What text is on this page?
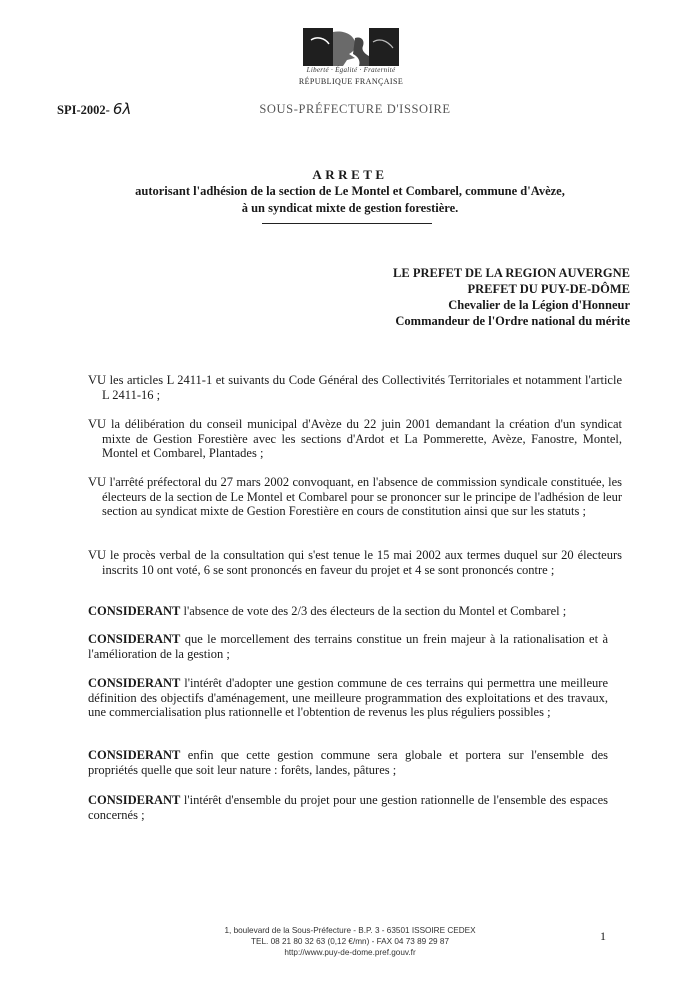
Liberté · Égalité · Fraternité
RÉPUBLIQUE FRANÇAISE
SPI-2002- 6λ	SOUS-PRÉFECTURE D'ISSOIRE
ARRETE
autorisant l'adhésion de la section de Le Montel et Combarel, commune d'Avèze,
à un syndicat mixte de gestion forestière.
LE PREFET DE LA REGION AUVERGNE
PREFET DU PUY-DE-DÔME
Chevalier de la Légion d'Honneur
Commandeur de l'Ordre national du mérite
VU les articles L 2411-1 et suivants du Code Général des Collectivités Territoriales et notamment l'article L 2411-16 ;
VU la délibération du conseil municipal d'Avèze du 22 juin 2001 demandant la création d'un syndicat mixte de Gestion Forestière avec les sections d'Ardot et La Pommerette, Avèze, Fanostre, Montel, Montel et Combarel, Plantades ;
VU l'arrêté préfectoral du 27 mars 2002 convoquant, en l'absence de commission syndicale constituée, les électeurs de la section de Le Montel et Combarel pour se prononcer sur le principe de l'adhésion de leur section au syndicat mixte de Gestion Forestière en cours de constitution ainsi que sur les statuts ;
VU le procès verbal de la consultation qui s'est tenue le 15 mai 2002 aux termes duquel sur 20 électeurs inscrits 10 ont voté, 6 se sont prononcés en faveur du projet et 4 se sont prononcés contre ;
CONSIDERANT l'absence de vote des 2/3 des électeurs de la section du Montel et Combarel ;
CONSIDERANT que le morcellement des terrains constitue un frein majeur à la rationalisation et à l'amélioration de la gestion ;
CONSIDERANT l'intérêt d'adopter une gestion commune de ces terrains qui permettra une meilleure définition des objectifs d'aménagement, une meilleure programmation des exploitations et des travaux, une commercialisation plus rationnelle et l'obtention de revenus les plus réguliers possibles ;
CONSIDERANT enfin que cette gestion commune sera globale et portera sur l'ensemble des propriétés quelle que soit leur nature : forêts, landes, pâtures ;
CONSIDERANT l'intérêt d'ensemble du projet pour une gestion rationnelle de l'ensemble des espaces concernés ;
1, boulevard de la Sous-Préfecture - B.P. 3 - 63501 ISSOIRE CEDEX
TEL. 08 21 80 32 63 (0,12 €/mn) - FAX 04 73 89 29 87
http://www.puy-de-dome.pref.gouv.fr
1
